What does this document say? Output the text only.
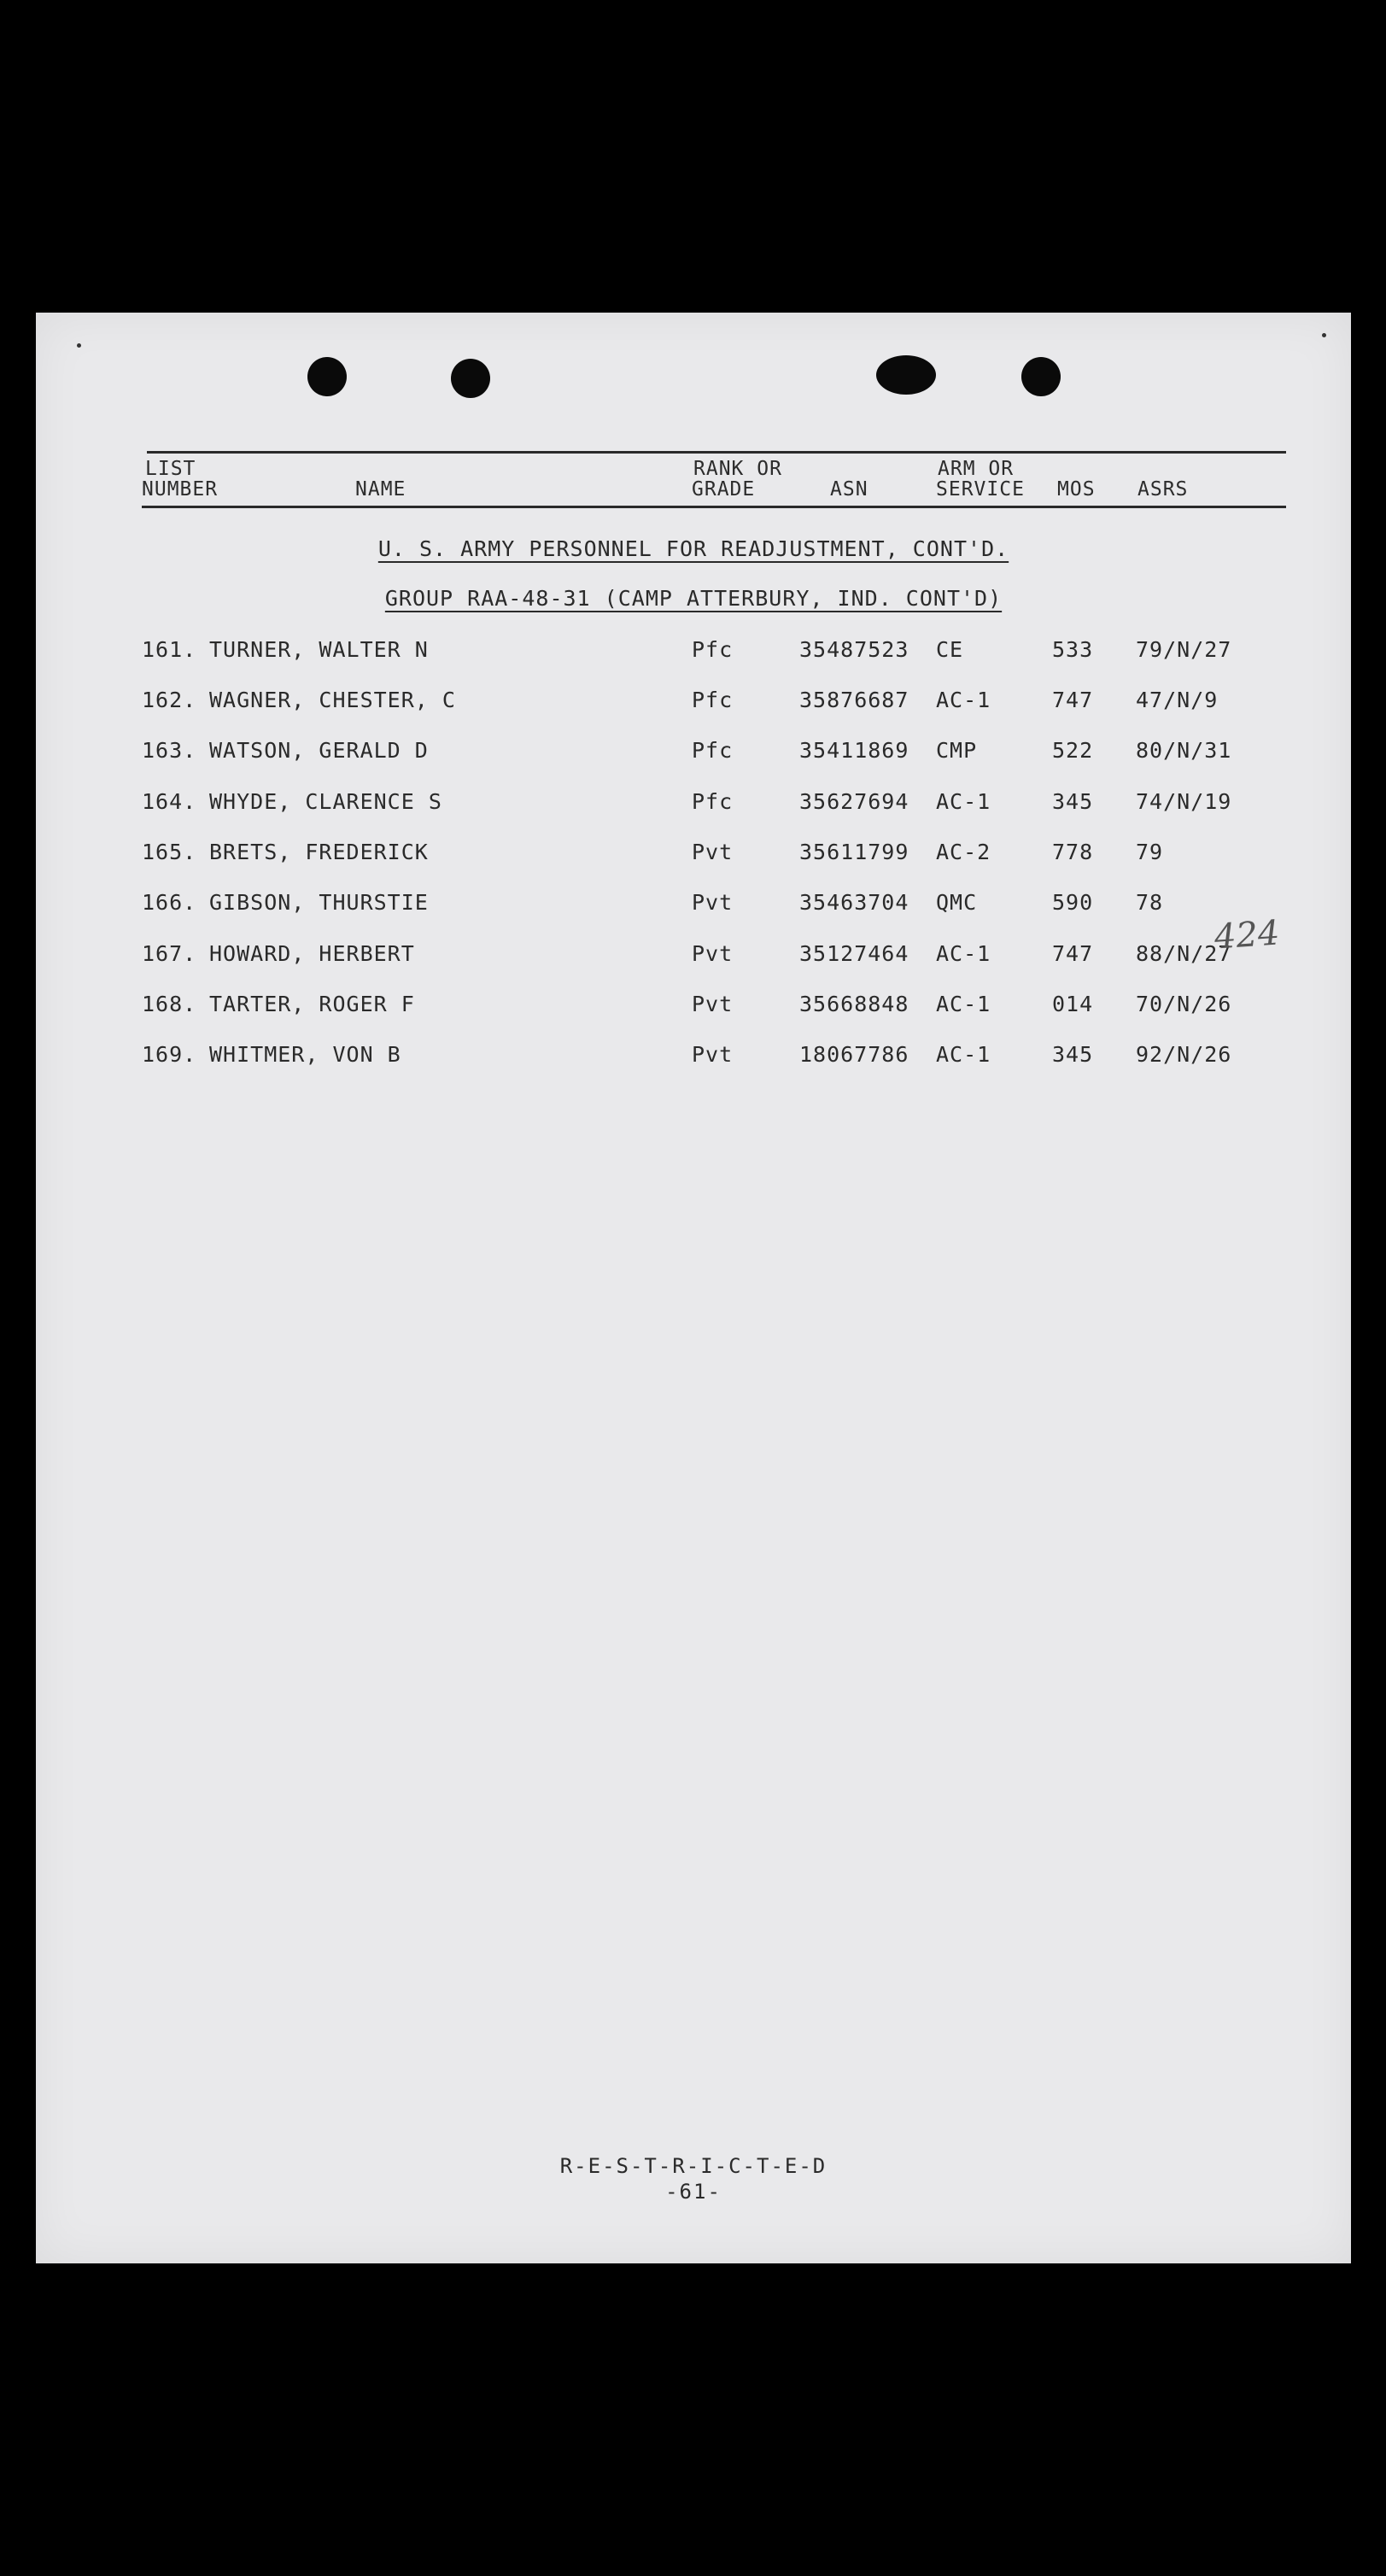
LIST
NUMBER	NAME
RANK OR
GRADE	ASN
ARM OR
SERVICE MOS ASRS
U. S. ARMY PERSONNEL FOR READJUSTMENT, CONT'D.
GROUP RAA-48-31 (CAMP ATTERBURY, IND. CONT'D)
161. TURNER, WALTER N	Pfc	35487523 CE	533 79/N/27
162. WAGNER, CHESTER, C	Pfc	35876687 AC-1	747 47/N/9
163. WATSON, GERALD D	Pfc	35411869 CMP	522 80/N/31
164. WHYDE, CLARENCE S	Pfc	35627694 AC-1	345 74/N/19
165. BRETS, FREDERICK	Pvt	35611799 AC-2	778 79
166. GIBSON, THURSTIE	Pvt	35463704 QMC	590 78
167. HOWARD, HERBERT	Pvt	35127464 AC-1	747 88/N/27
168. TARTER, ROGER F	Pvt	35668848 AC-1	014 70/N/26
169. WHITMER, VON B	Pvt	18067786 AC-1	345 92/N/26
424
R-E-S-T-R-I-C-T-E-D
-61-
